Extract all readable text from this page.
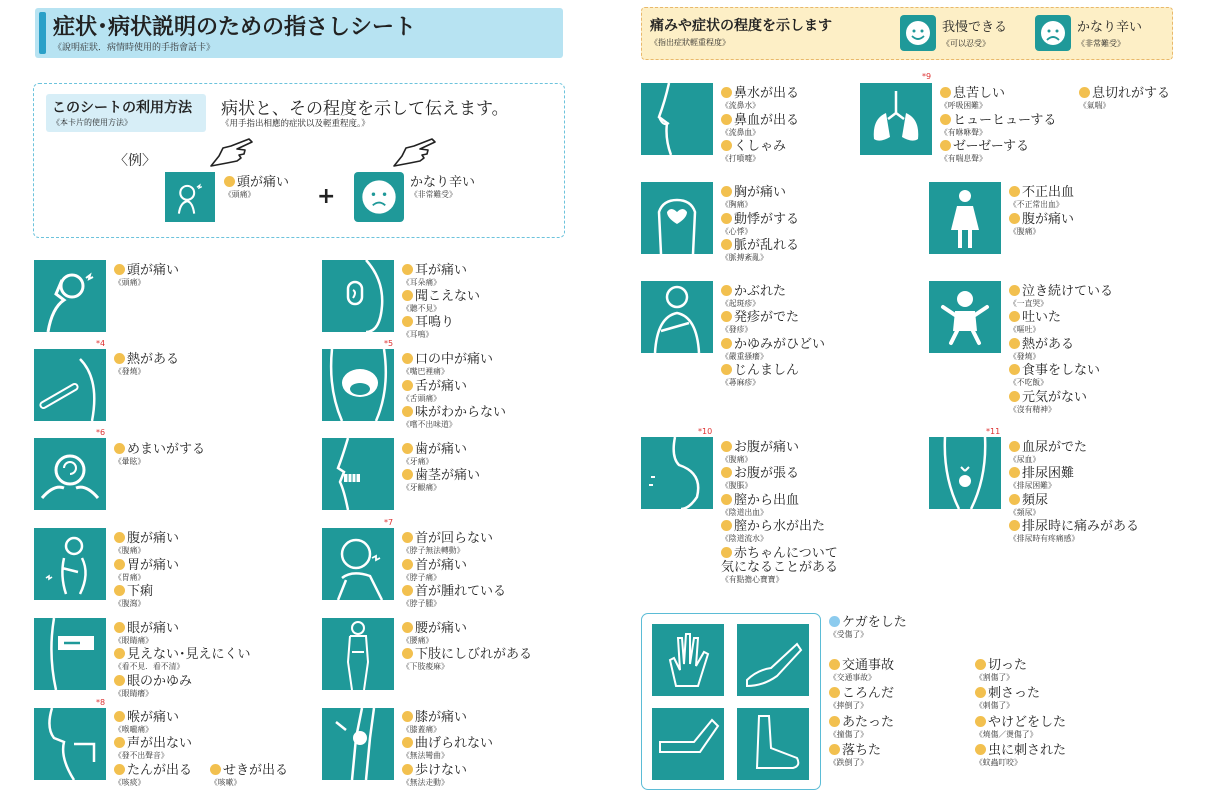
症状･病状説明のための指さしシート
《說明症狀．病情時使用的手指會話卡》
このシートの利用方法
《本卡片的使用方法》
病状と、その程度を示して伝えます。
《用手指出相應的症狀以及輕重程度。》
〈例〉
頭が痛い
《頭痛》	+
かなり辛い
《非常難受》
痛みや症状の程度を示します
《指出症狀輕重程度》
我慢できる
《可以忍受》
かなり辛い
《非常難受》
*4	*5
*6
*7
*8
頭が痛い
《頭痛》
耳が痛い
《耳朵痛》
聞こえない
《聽不見》
耳鳴り
《耳鳴》
熱がある
《發燒》
口の中が痛い
《嘴巴裡痛》
舌が痛い
《舌頭痛》
味がわからない
《嚐不出味道》
めまいがする
《暈眩》
歯が痛い
《牙痛》
歯茎が痛い
《牙齦痛》
腹が痛い
《腹痛》
胃が痛い
《胃痛》
下痢
《腹瀉》
首が回らない
《脖子無法轉動》
首が痛い
《脖子痛》
首が腫れている
《脖子腫》
眼が痛い
《眼睛痛》
見えない･見えにくい
《看不見．看不清》
眼のかゆみ
《眼睛癢》
腰が痛い
《腰痛》
下肢にしびれがある
《下肢痠麻》
喉が痛い
《喉嚨痛》
声が出ない
《發不出聲音》
たんが出る
《咳痰》
せきが出る
《咳嗽》
膝が痛い
《膝蓋痛》
曲げられない
《無法彎曲》
歩けない
《無法走動》
*9
*10	*11
鼻水が出る
《流鼻水》
鼻血が出る
《流鼻血》
くしゃみ
《打噴嚏》
息苦しい
《呼吸困難》
ヒューヒューする
《有咻咻聲》
ゼーゼーする
《有喘息聲》
息切れがする
《氣喘》
胸が痛い
《胸痛》
動悸がする
《心悸》
脈が乱れる
《脈搏紊亂》
不正出血
《不正常出血》
腹が痛い
《腹痛》
かぶれた
《起斑疹》
発疹がでた
《發疹》
かゆみがひどい
《嚴重搔癢》
じんましん
《蕁麻疹》
泣き続けている
《一直哭》
吐いた
《嘔吐》
熱がある
《發燒》
食事をしない
《不吃飯》
元気がない
《沒有精神》
お腹が痛い
《腹痛》
お腹が張る
《腹脹》
膣から出血
《陰道出血》
膣から水が出た
《陰道流水》
赤ちゃんについて
気になることがある
《有點擔心寶寶》
血尿がでた
《尿血》
排尿困難
《排尿困難》
頻尿
《頻尿》
排尿時に痛みがある
《排尿時有疼痛感》
ケガをした
《受傷了》
交通事故
《交通事故》
ころんだ
《摔倒了》
あたった
《撞傷了》
落ちた
《跌倒了》
切った
《割傷了》
刺さった
《刺傷了》
やけどをした
《燒傷／燙傷了》
虫に刺された
《蚊蟲叮咬》
